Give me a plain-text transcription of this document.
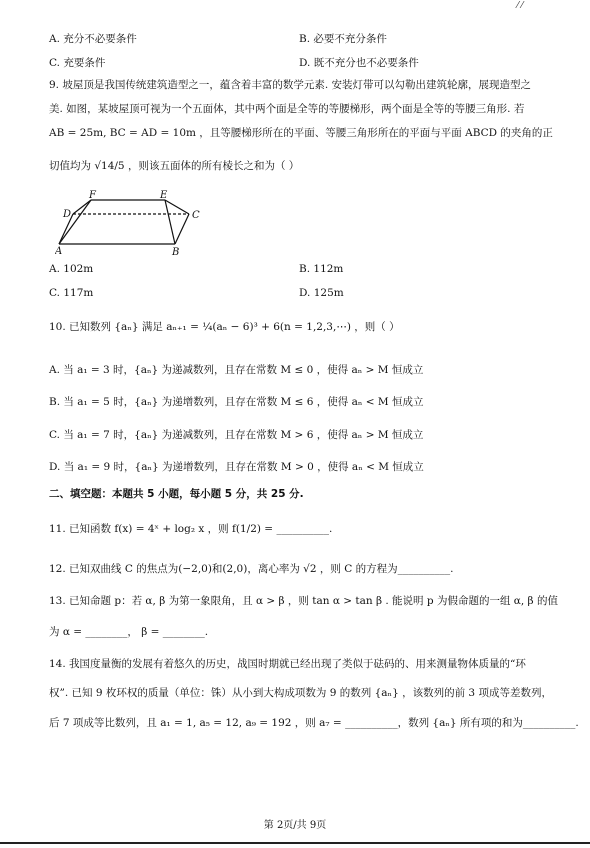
⁄ ⁄
A. 充分不必要条件	B. 必要不充分条件
C. 充要条件	D. 既不充分也不必要条件
9. 坡屋顶是我国传统建筑造型之一，蕴含着丰富的数学元素. 安装灯带可以勾勒出建筑轮廓，展现造型之
美. 如图，某坡屋顶可视为一个五面体，其中两个面是全等的等腰梯形，两个面是全等的等腰三角形. 若
AB = 25m, BC = AD = 10m ，且等腰梯形所在的平面、等腰三角形所在的平面与平面 ABCD 的夹角的正
切值均为 √14/5 ，则该五面体的所有棱长之和为（ ）
D
F	E
C
A	B
A. 102m	B. 112m
C. 117m	D. 125m
10. 已知数列 {aₙ} 满足 aₙ₊₁ = ¼(aₙ − 6)³ + 6(n = 1,2,3,⋯) ，则（ ）
A. 当 a₁ = 3 时，{aₙ} 为递减数列，且存在常数 M ≤ 0 ，使得 aₙ > M 恒成立
B. 当 a₁ = 5 时，{aₙ} 为递增数列，且存在常数 M ≤ 6 ，使得 aₙ < M 恒成立
C. 当 a₁ = 7 时，{aₙ} 为递减数列，且存在常数 M > 6 ，使得 aₙ > M 恒成立
D. 当 a₁ = 9 时，{aₙ} 为递增数列，且存在常数 M > 0 ，使得 aₙ < M 恒成立
二、填空题：本题共 5 小题，每小题 5 分，共 25 分.
11. 已知函数 f(x) = 4ˣ + log₂ x ，则 f(1/2) = __________.
12. 已知双曲线 C 的焦点为(−2,0)和(2,0)，离心率为 √2 ，则 C 的方程为__________.
13. 已知命题 p：若 α, β 为第一象限角，且 α > β ，则 tan α > tan β . 能说明 p 为假命题的一组 α, β 的值
为 α = ________， β = ________.
14. 我国度量衡的发展有着悠久的历史，战国时期就已经出现了类似于砝码的、用来测量物体质量的“环
权”. 已知 9 枚环权的质量（单位：铢）从小到大构成项数为 9 的数列 {aₙ} ，该数列的前 3 项成等差数列，
后 7 项成等比数列，且 a₁ = 1, a₅ = 12, a₉ = 192 ，则 a₇ = __________，数列 {aₙ} 所有项的和为__________.
第 2页/共 9页
